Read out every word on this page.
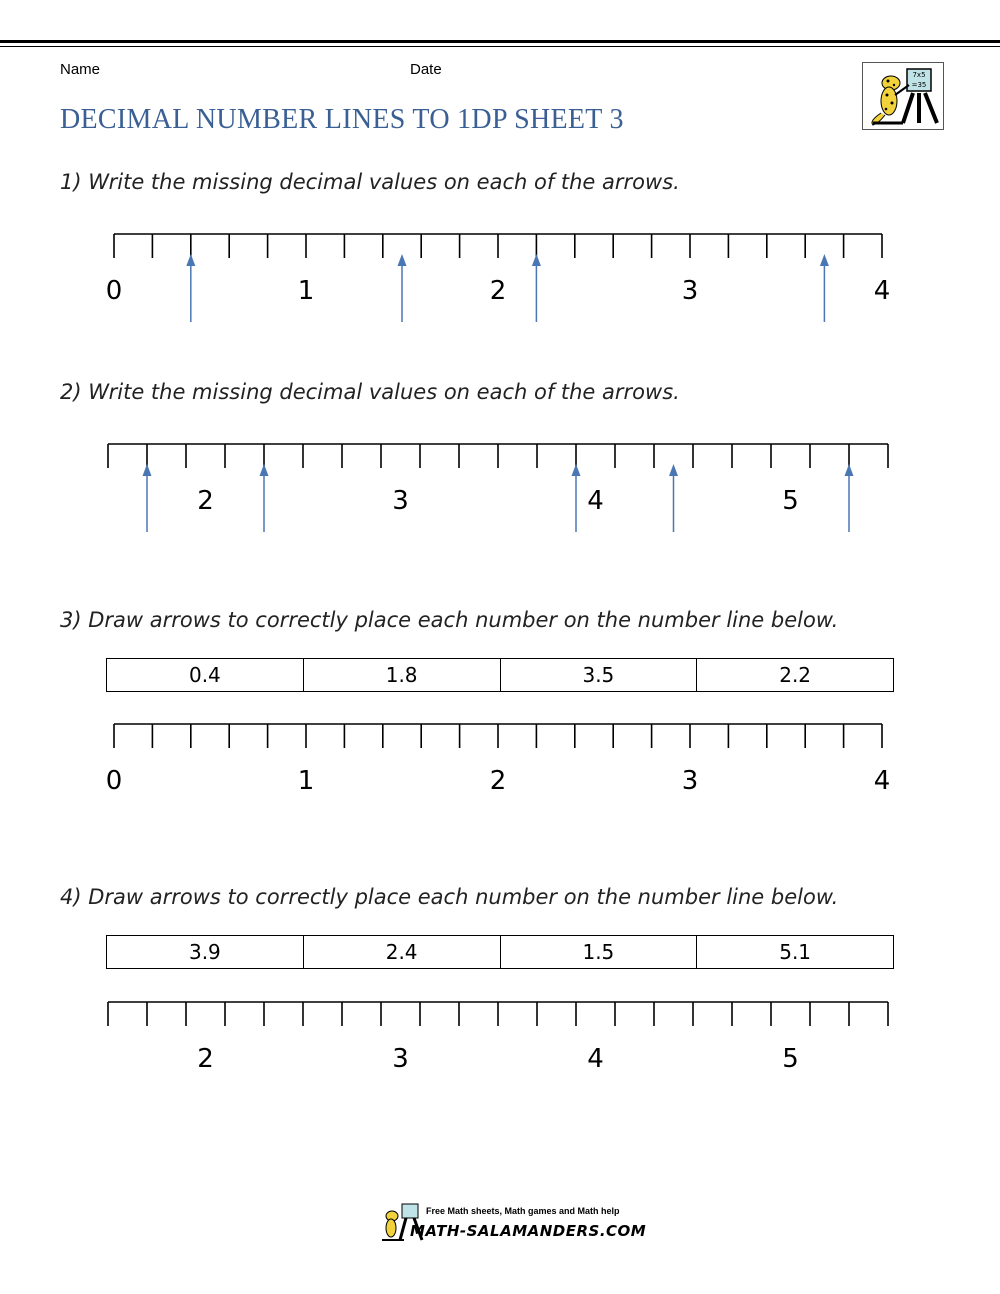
Name	Date
DECIMAL NUMBER LINES TO 1DP SHEET 3
7x5
=35
1) Write the missing decimal values on each of the arrows.
0	1	2	3	4
2) Write the missing decimal values on each of the arrows.
2	3	4	5
3) Draw arrows to correctly place each number on the number line below.
0.4	1.8	3.5	2.2
0	1	2	3	4
4) Draw arrows to correctly place each number on the number line below.
3.9	2.4	1.5	5.1
2	3	4	5
Free Math sheets, Math games and Math help
MATH-SALAMANDERS.COM
